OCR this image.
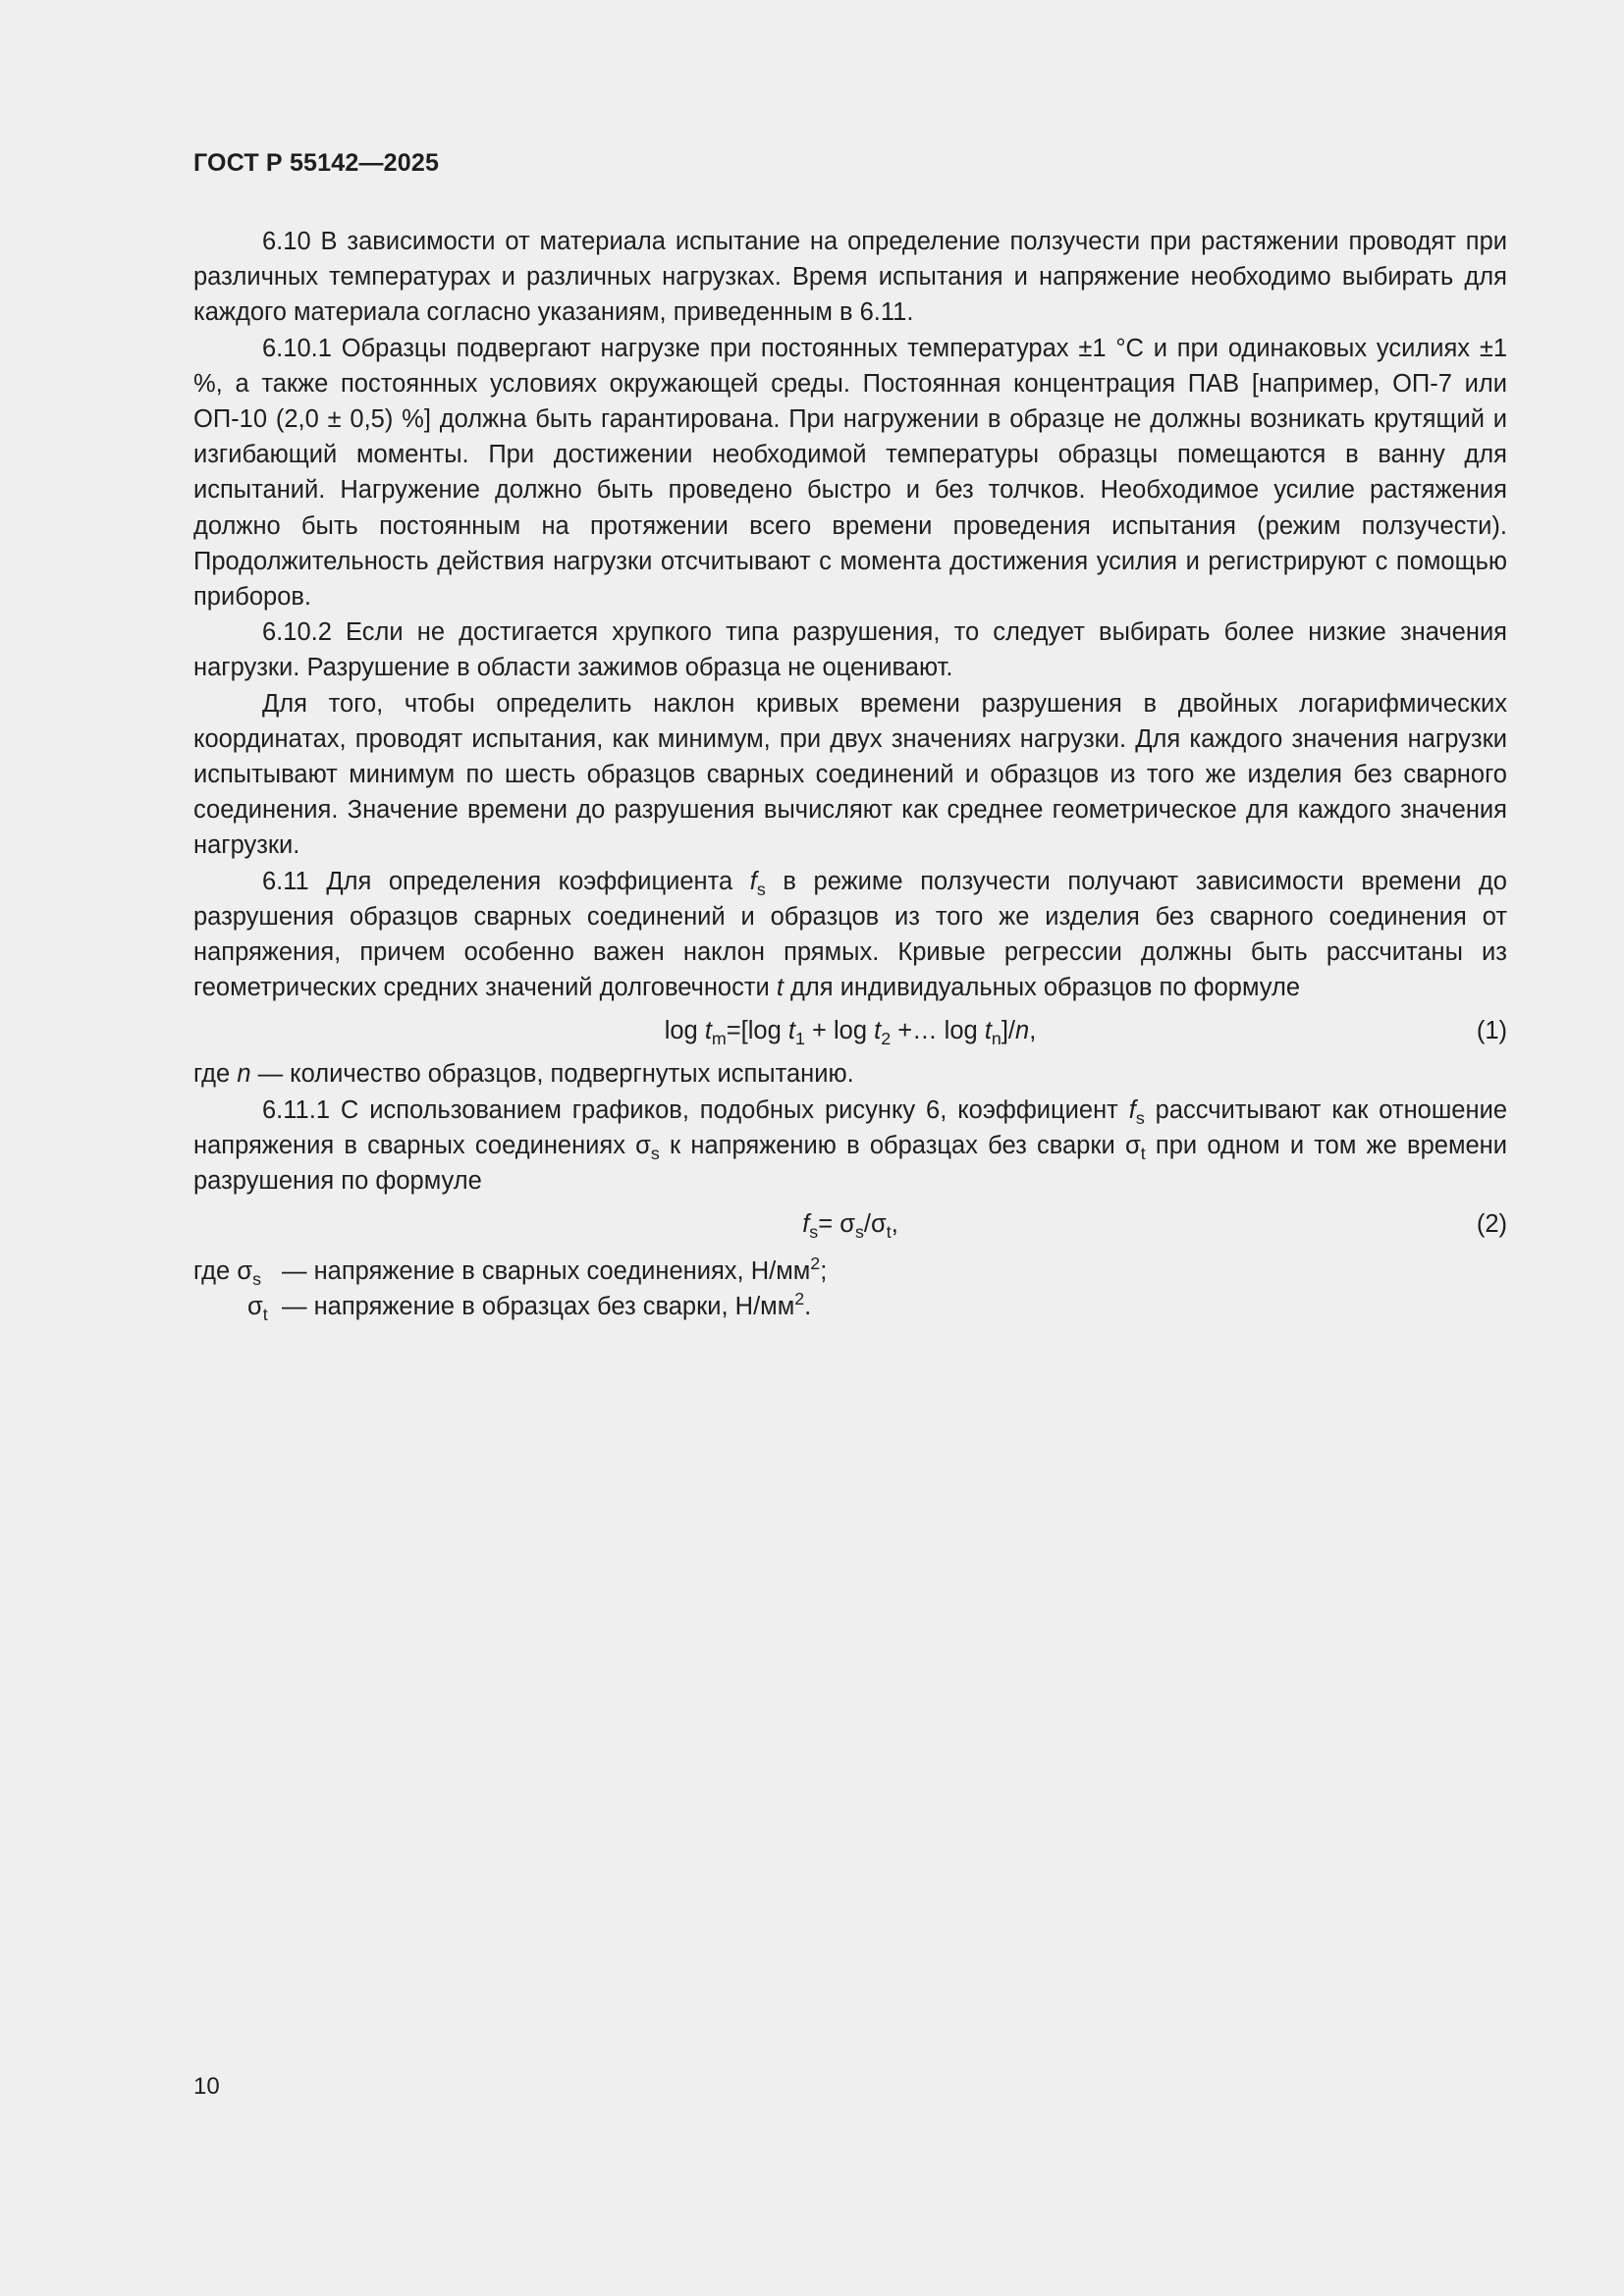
ГОСТ Р 55142—2025

6.10 В зависимости от материала испытание на определение ползучести при растяжении проводят при различных температурах и различных нагрузках. Время испытания и напряжение необходимо выбирать для каждого материала согласно указаниям, приведенным в 6.11.

6.10.1 Образцы подвергают нагрузке при постоянных температурах ±1 °С и при одинаковых усилиях ±1 %, а также постоянных условиях окружающей среды. Постоянная концентрация ПАВ [например, ОП-7 или ОП-10 (2,0 ± 0,5) %] должна быть гарантирована. При нагружении в образце не должны возникать крутящий и изгибающий моменты. При достижении необходимой температуры образцы помещаются в ванну для испытаний. Нагружение должно быть проведено быстро и без толчков. Необходимое усилие растяжения должно быть постоянным на протяжении всего времени проведения испытания (режим ползучести). Продолжительность действия нагрузки отсчитывают с момента достижения усилия и регистрируют с помощью приборов.

6.10.2 Если не достигается хрупкого типа разрушения, то следует выбирать более низкие значения нагрузки. Разрушение в области зажимов образца не оценивают.

Для того, чтобы определить наклон кривых времени разрушения в двойных логарифмических координатах, проводят испытания, как минимум, при двух значениях нагрузки. Для каждого значения нагрузки испытывают минимум по шесть образцов сварных соединений и образцов из того же изделия без сварного соединения. Значение времени до разрушения вычисляют как среднее геометрическое для каждого значения нагрузки.

6.11 Для определения коэффициента $f_s$ в режиме ползучести получают зависимости времени до разрушения образцов сварных соединений и образцов из того же изделия без сварного соединения от напряжения, причем особенно важен наклон прямых. Кривые регрессии должны быть рассчитаны из геометрических средних значений долговечности t для индивидуальных образцов по формуле

$\log t_m=[\log$ $t_1 + \log t_2$ +… $\log t_n]/n$,	(1)

где n — количество образцов, подвергнутых испытанию.

6.11.1 С использованием графиков, подобных рисунку 6, коэффициент $f_s$ рассчитывают как отношение напряжения в сварных соединениях $\sigma_s$ к напряжению в образцах без сварки $\sigma_t$ при одном и том же времени разрушения по формуле

$f_s= \sigma_s/\sigma_t$,	(2)
где $\sigma_s$ — напряжение в сварных соединениях, $Н/мм^2$;
$\sigma_t$ — напряжение в образцах без сварки, $Н/мм^2$.
10
